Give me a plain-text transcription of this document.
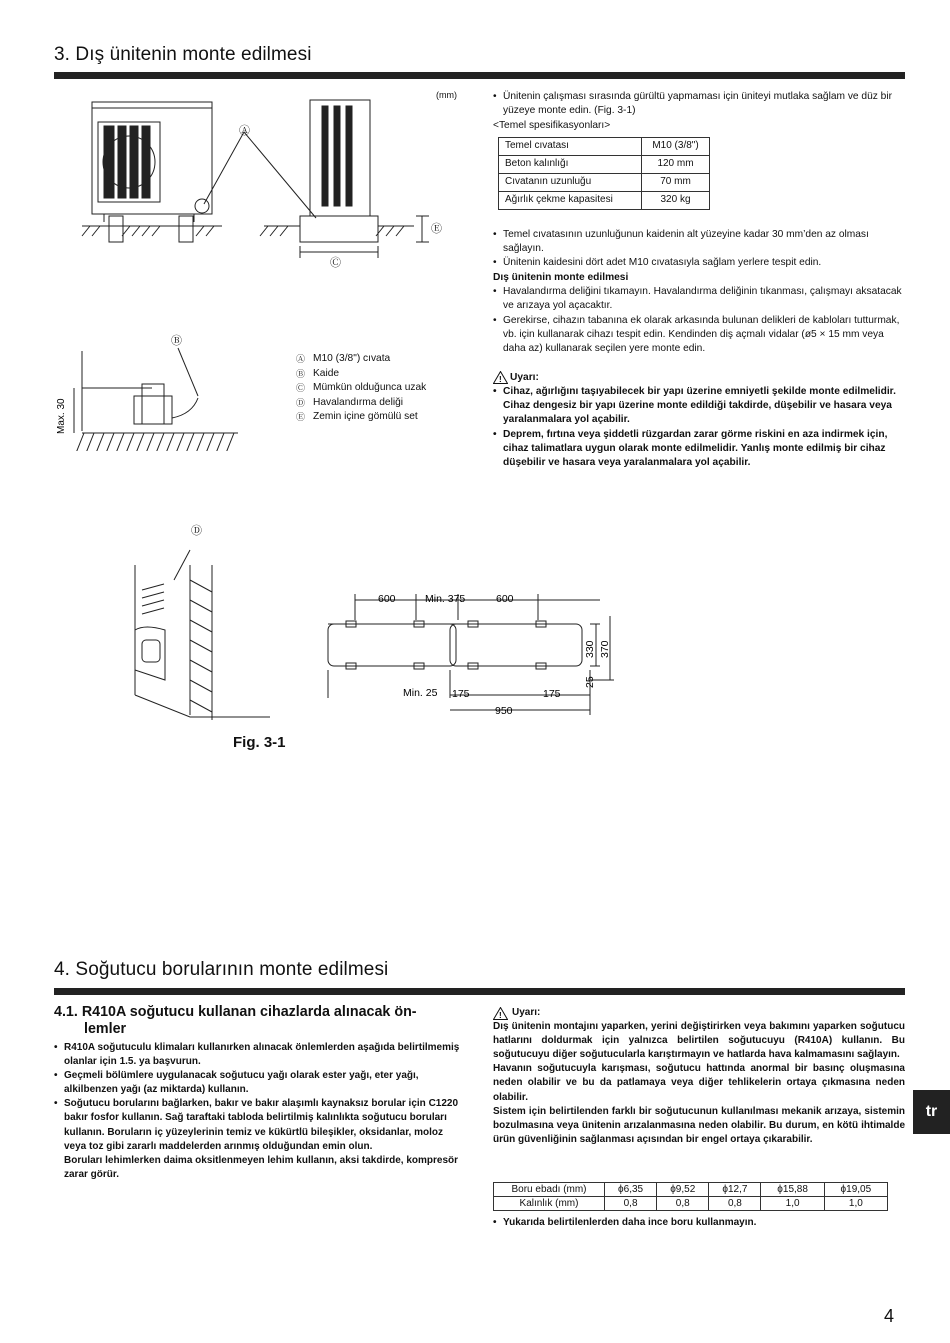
3. Dış ünitenin monte edilmesi
Ⓐ
Ⓔ
Ⓒ
Ⓑ
Max. 30
(mm)
Ⓐ M10 (3/8") cıvata
Ⓑ Kaide
Ⓒ Mümkün olduğunca uzak
Ⓓ Havalandırma deliği
Ⓔ Zemin içine gömülü set
• Ünitenin çalışması sırasında gürültü yapmaması için üniteyi mutlaka sağlam ve düz bir yüzeye monte edin. (Fig. 3-1)
<Temel spesifikasyonları>
Temel cıvatası	M10 (3/8")
Beton kalınlığı	120 mm
Cıvatanın uzunluğu	70 mm
Ağırlık çekme kapasitesi	320 kg
• Temel cıvatasının uzunluğunun kaidenin alt yüzeyine kadar 30 mm’den az olması sağlayın.
• Ünitenin kaidesini dört adet M10 cıvatasıyla sağlam yerlere tespit edin.
Dış ünitenin monte edilmesi
• Havalandırma deliğini tıkamayın. Havalandırma deliğinin tıkanması, çalışmayı aksatacak ve arızaya yol açacaktır.
• Gerekirse, cihazın tabanına ek olarak arkasında bulunan delikleri de kabloları tutturmak, vb. için kullanarak cihazı tespit edin. Kendinden diş açmalı vidalar (ø5 × 15 mm veya daha az) kullanarak seçilen yere monte edin.
! Uyarı:
• Cihaz, ağırlığını taşıyabilecek bir yapı üzerine emniyetli şekilde monte edilmelidir. Cihaz dengesiz bir yapı üzerine monte edildiği takdirde, düşebilir ve hasara veya yaralanmalara yol açabilir.
• Deprem, fırtına veya şiddetli rüzgardan zarar görme riskini en aza indirmek için, cihaz talimatlara uygun olarak monte edilmelidir. Yanlış monte edilmiş bir cihaz düşebilir ve hasara veya yaralanmalara yol açabilir.
Ⓓ
600	Min. 375	600
330 370
25
Min. 25 175	175
950
Fig. 3-1
4. Soğutucu borularının monte edilmesi
4.1. R410A soğutucu kullanan cihazlarda alınacak ön-
lemler
• R410A soğutuculu klimaları kullanırken alınacak önlemlerden aşağıda belirtilmemiş olanlar için 1.5. ya başvurun.
• Geçmeli bölümlere uygulanacak soğutucu yağı olarak ester yağı, eter yağı, alkilbenzen yağı (az miktarda) kullanın.
• Soğutucu borularını bağlarken, bakır ve bakır alaşımlı kaynaksız borular için C1220 bakır fosfor kullanın. Sağ taraftaki tabloda belirtilmiş kalınlıkta soğutucu boruları kullanın. Boruların iç yüzeylerinin temiz ve kükürtlü bileşikler, oksidanlar, moloz veya toz gibi zararlı maddelerden arınmış olduğundan emin olun.
Boruları lehimlerken daima oksitlenmeyen lehim kullanın, aksi takdirde, kompresör zarar görür.
! Uyarı:
Dış ünitenin montajını yaparken, yerini değiştirirken veya bakımını yaparken soğutucu hatlarını doldurmak için yalnızca belirtilen soğutucuyu (R410A) kullanın. Bu soğutucuyu diğer soğutucularla karıştırmayın ve hatlarda hava kalmamasını sağlayın.
Havanın soğutucuyla karışması, soğutucu hattında anormal bir basınç oluşmasına neden olabilir ve bu da patlamaya veya diğer tehlikelerin ortaya çıkmasına neden olabilir.
Sistem için belirtilenden farklı bir soğutucunun kullanılması mekanik arızaya, sistemin bozulmasına veya ünitenin arızalanmasına neden olabilir. Bu durum, en kötü ihtimalde ürün güvenliğinin sağlanması açısından bir engel ortaya çıkarabilir.
Boru ebadı (mm)	ϕ6,35	ϕ9,52	ϕ12,7	ϕ15,88	ϕ19,05
Kalınlık (mm)	0,8	0,8	0,8	1,0	1,0
• Yukarıda belirtilenlerden daha ince boru kullanmayın.
tr
4
